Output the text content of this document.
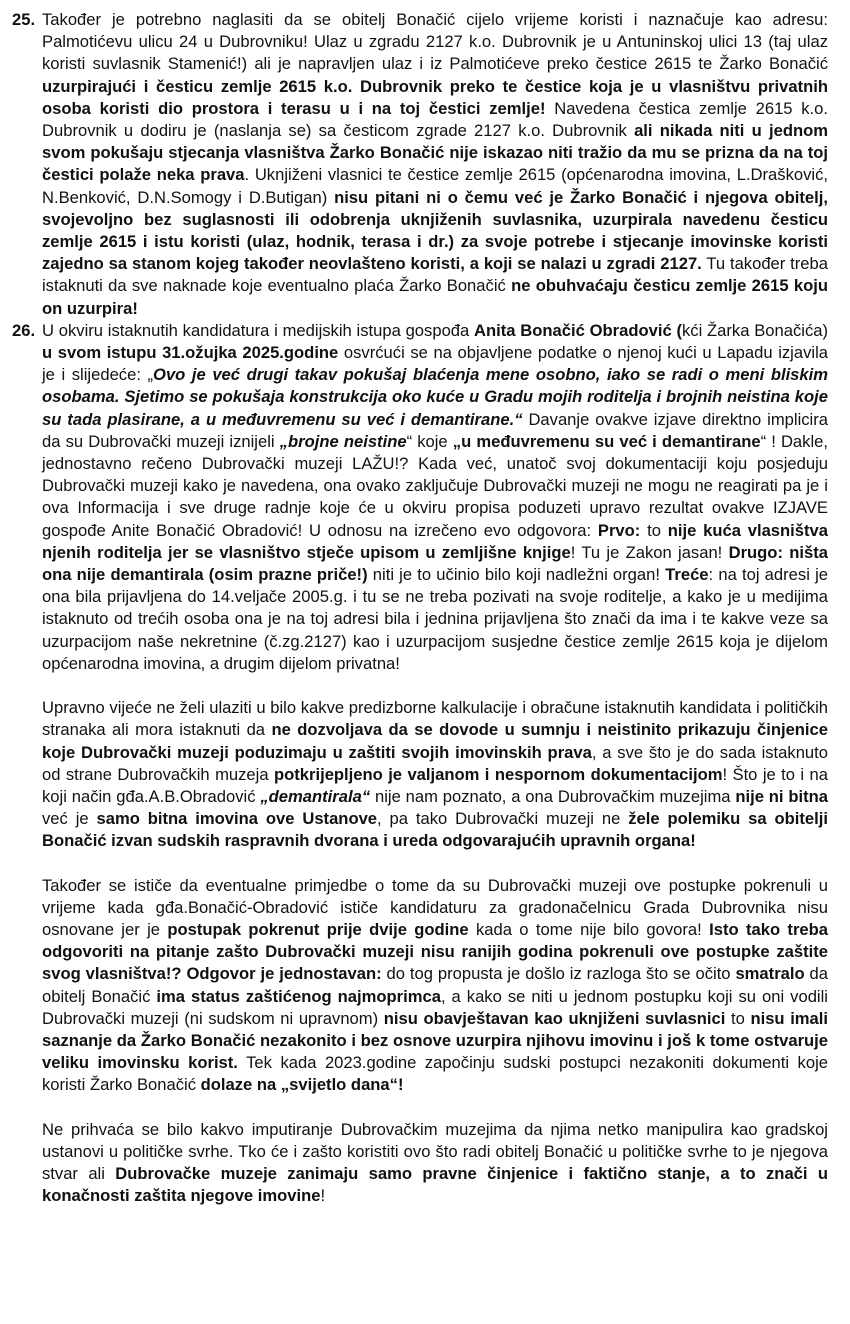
25. Također je potrebno naglasiti da se obitelj Bonačić cijelo vrijeme koristi i naznačuje kao adresu: Palmotićevu ulicu 24 u Dubrovniku! Ulaz u zgradu 2127 k.o. Dubrovnik je u Antuninskoj ulici 13 (taj ulaz koristi suvlasnik Stamenić!) ali je napravljen ulaz i iz Palmotićeve preko čestice 2615 te Žarko Bonačić uzurpirajući i česticu zemlje 2615 k.o. Dubrovnik preko te čestice koja je u vlasništvu privatnih osoba koristi dio prostora i terasu u i na toj čestici zemlje! Navedena čestica zemlje 2615 k.o. Dubrovnik u dodiru je (naslanja se) sa česticom zgrade 2127 k.o. Dubrovnik ali nikada niti u jednom svom pokušaju stjecanja vlasništva Žarko Bonačić nije iskazao niti tražio da mu se prizna da na toj čestici polaže neka prava. Uknjiženi vlasnici te čestice zemlje 2615 (općenarodna imovina, L.Drašković, N.Benković, D.N.Somogy i D.Butigan) nisu pitani ni o čemu već je Žarko Bonačić i njegova obitelj, svojevoljno bez suglasnosti ili odobrenja uknjiženih suvlasnika, uzurpirala navedenu česticu zemlje 2615 i istu koristi (ulaz, hodnik, terasa i dr.) za svoje potrebe i stjecanje imovinske koristi zajedno sa stanom kojeg također neovlašteno koristi, a koji se nalazi u zgradi 2127. Tu također treba istaknuti da sve naknade koje eventualno plaća Žarko Bonačić ne obuhvaćaju česticu zemlje 2615 koju on uzurpira!
26. U okviru istaknutih kandidatura i medijskih istupa gospođa Anita Bonačić Obradović (kći Žarka Bonačića) u svom istupu 31.ožujka 2025.godine osvrćući se na objavljene podatke o njenoj kući u Lapadu izjavila je i slijedeće: „Ovo je već drugi takav pokušaj blaćenja mene osobno, iako se radi o meni bliskim osobama. Sjetimo se pokušaja konstrukcija oko kuće u Gradu mojih roditelja i brojnih neistina koje su tada plasirane, a u međuvremenu su već i demantirane.“ Davanje ovakve izjave direktno implicira da su Dubrovački muzeji iznijeli „brojne neistine“ koje „u međuvremenu su već i demantirane“ ! Dakle, jednostavno rečeno Dubrovački muzeji LAŽU!? Kada već, unatoč svoj dokumentaciji koju posjeduju Dubrovački muzeji kako je navedena, ona ovako zaključuje Dubrovački muzeji ne mogu ne reagirati pa je i ova Informacija i sve druge radnje koje će u okviru propisa poduzeti upravo rezultat ovakve IZJAVE gospođe Anite Bonačić Obradović! U odnosu na izrečeno evo odgovora: Prvo: to nije kuća vlasništva njenih roditelja jer se vlasništvo stječe upisom u zemljišne knjige! Tu je Zakon jasan! Drugo: ništa ona nije demantirala (osim prazne priče!) niti je to učinio bilo koji nadležni organ! Treće: na toj adresi je ona bila prijavljena do 14.veljače 2005.g. i tu se ne treba pozivati na svoje roditelje, a kako je u medijima istaknuto od trećih osoba ona je na toj adresi bila i jednina prijavljena što znači da ima i te kakve veze sa uzurpacijom naše nekretnine (č.zg.2127) kao i uzurpacijom susjedne čestice zemlje 2615 koja je dijelom općenarodna imovina, a drugim dijelom privatna!
Upravno vijeće ne želi ulaziti u bilo kakve predizborne kalkulacije i obračune istaknutih kandidata i političkih stranaka ali mora istaknuti da ne dozvoljava da se dovode u sumnju i neistinito prikazuju činjenice koje Dubrovački muzeji poduzimaju u zaštiti svojih imovinskih prava, a sve što je do sada istaknuto od strane Dubrovačkih muzeja potkrijepljeno je valjanom i nespornom dokumentacijom! Što je to i na koji način gđa.A.B.Obradović „demantirala“ nije nam poznato, a ona Dubrovačkim muzejima nije ni bitna već je samo bitna imovina ove Ustanove, pa tako Dubrovački muzeji ne žele polemiku sa obitelji Bonačić izvan sudskih raspravnih dvorana i ureda odgovarajućih upravnih organa!
Također se ističe da eventualne primjedbe o tome da su Dubrovački muzeji ove postupke pokrenuli u vrijeme kada gđa.Bonačić-Obradović ističe kandidaturu za gradonačelnicu Grada Dubrovnika nisu osnovane jer je postupak pokrenut prije dvije godine kada o tome nije bilo govora! Isto tako treba odgovoriti na pitanje zašto Dubrovački muzeji nisu ranijih godina pokrenuli ove postupke zaštite svog vlasništva!? Odgovor je jednostavan: do tog propusta je došlo iz razloga što se očito smatralo da obitelj Bonačić ima status zaštićenog najmoprimca, a kako se niti u jednom postupku koji su oni vodili Dubrovački muzeji (ni sudskom ni upravnom) nisu obavještavan kao uknjiženi suvlasnici to nisu imali saznanje da Žarko Bonačić nezakonito i bez osnove uzurpira njihovu imovinu i još k tome ostvaruje veliku imovinsku korist. Tek kada 2023.godine započinju sudski postupci nezakoniti dokumenti koje koristi Žarko Bonačić dolaze na „svijetlo dana“!
Ne prihvaća se bilo kakvo imputiranje Dubrovačkim muzejima da njima netko manipulira kao gradskoj ustanovi u političke svrhe. Tko će i zašto koristiti ovo što radi obitelj Bonačić u političke svrhe to je njegova stvar ali Dubrovačke muzeje zanimaju samo pravne činjenice i faktično stanje, a to znači u konačnosti zaštita njegove imovine!
